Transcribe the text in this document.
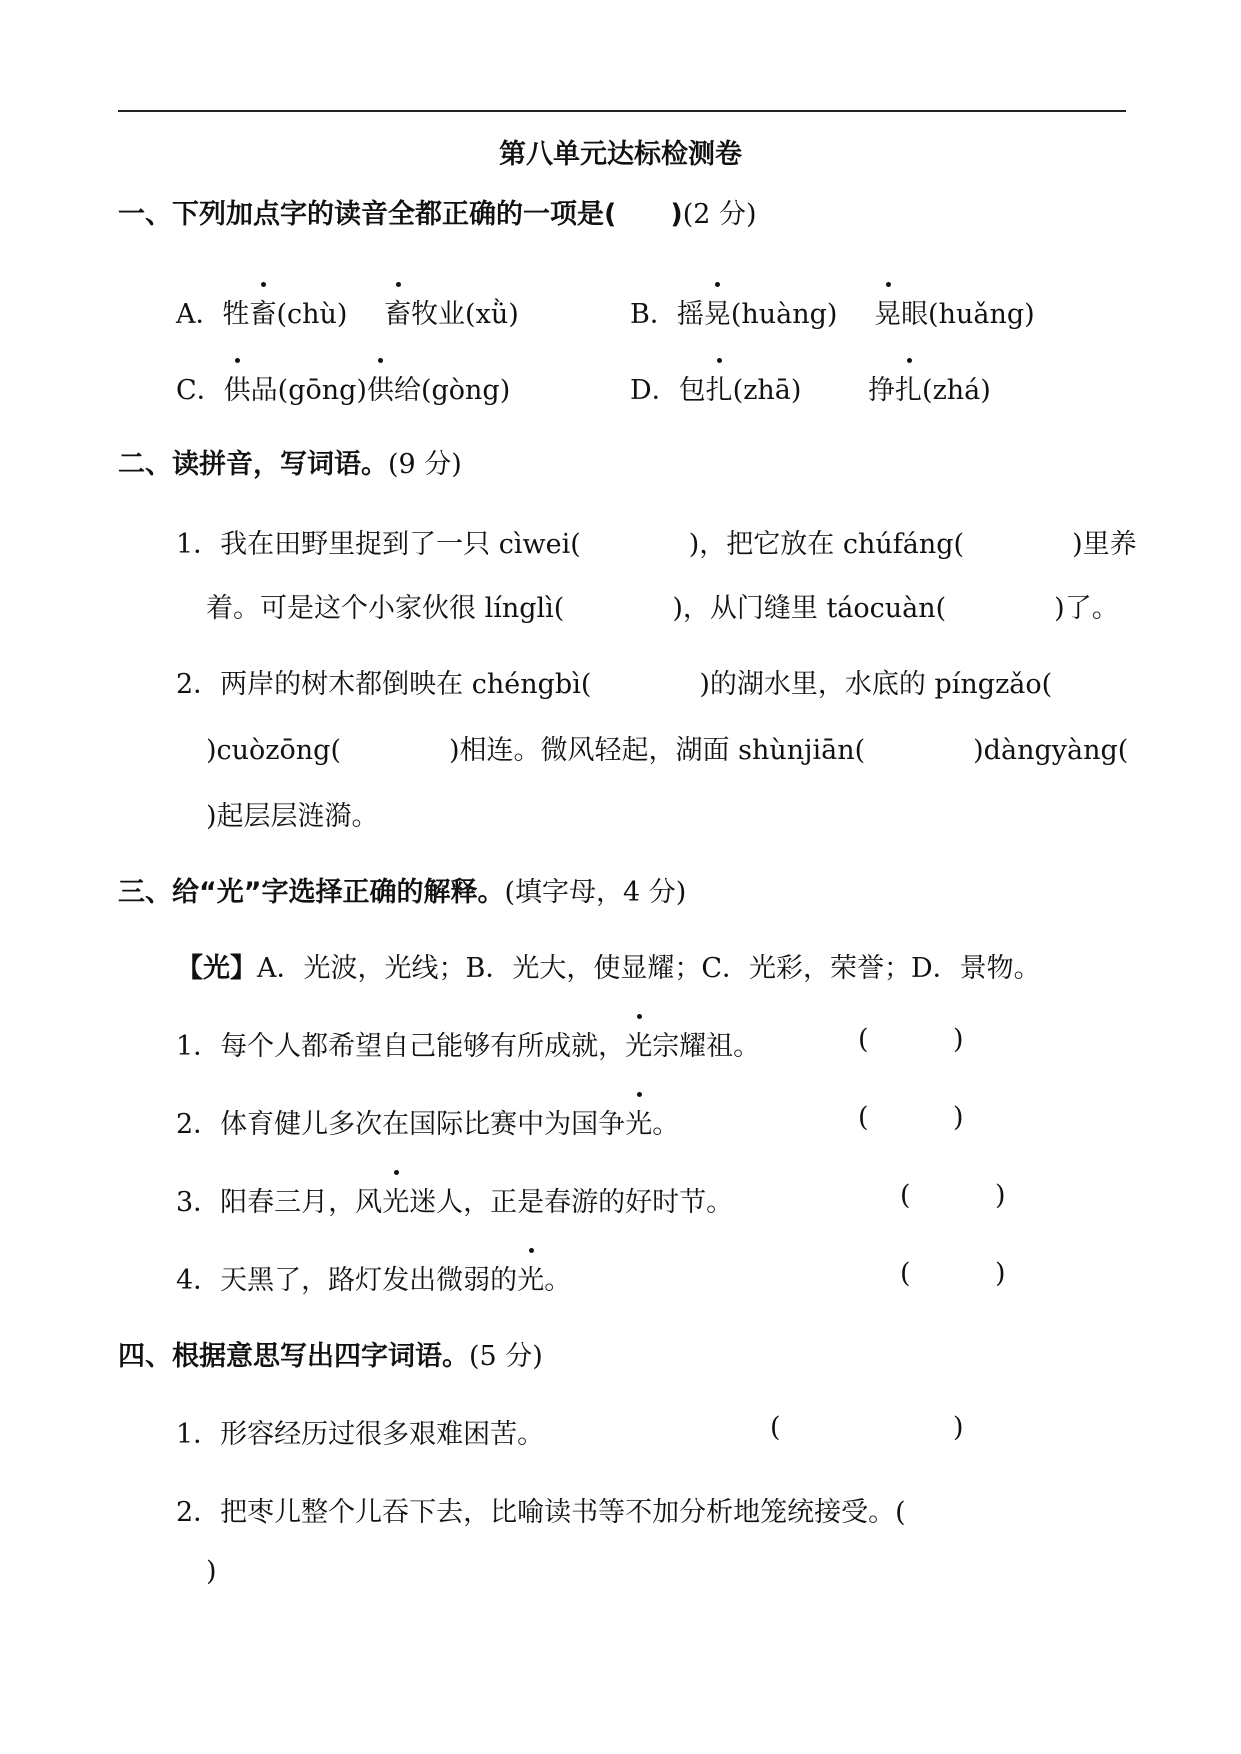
第八单元达标检测卷
一、下列加点字的读音全都正确的一项是(　　)(2 分)
A．牲畜(chù) 畜牧业(xǜ)	B．摇晃(huàng) 晃眼(huǎng)
C．供品(gōng)供给(gòng)	D．包扎(zhā) 挣扎(zhá)
二、读拼音，写词语。(9 分)
1．我在田野里捉到了一只 cìwei(　　　　)，把它放在 chúfáng(　　　　)里养
着。可是这个小家伙很 línglì(　　　　)，从门缝里 táocuàn(　　　　)了。
2．两岸的树木都倒映在 chéngbì(　　　　)的湖水里，水底的 píngzǎo(
)cuòzōng(　　　　)相连。微风轻起，湖面 shùnjiān(　　　　)dàngyàng(
)起层层涟漪。
三、给“光”字选择正确的解释。(填字母，4 分)
【光】A．光波，光线；B．光大，使显耀；C．光彩，荣誉；D．景物。
1．每个人都希望自己能够有所成就，光宗耀祖。	(	)
2．体育健儿多次在国际比赛中为国争光。	(	)
3．阳春三月，风光迷人，正是春游的好时节。	(	)
4．天黑了，路灯发出微弱的光。	(	)
四、根据意思写出四字词语。(5 分)
1．形容经历过很多艰难困苦。	(	)
2．把枣儿整个儿吞下去，比喻读书等不加分析地笼统接受。(
)
